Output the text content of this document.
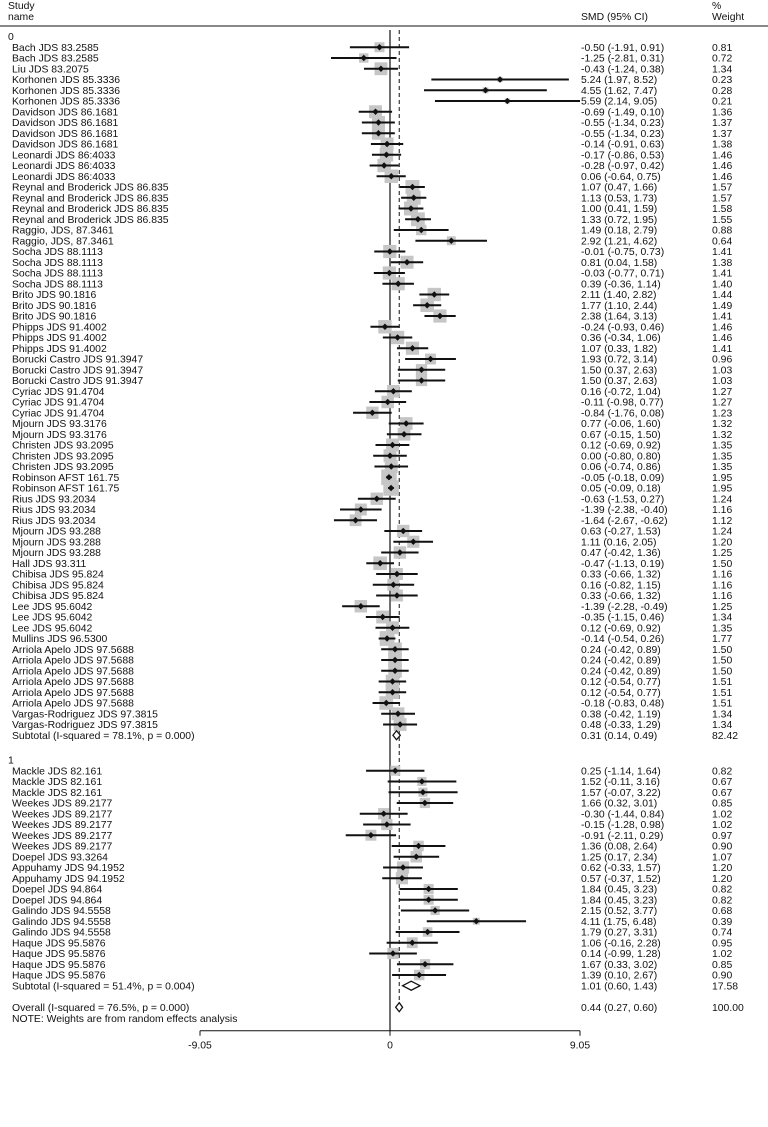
Study
name	SMD (95% CI)
%
Weight
0
Bach JDS 83.2585	-0.50 (-1.91, 0.91)	0.81
Bach JDS 83.2585	-1.25 (-2.81, 0.31)	0.72
Liu JDS 83.2075	-0.43 (-1.24, 0.38)	1.34
Korhonen JDS 85.3336	5.24 (1.97, 8.52)	0.23
Korhonen JDS 85.3336	4.55 (1.62, 7.47)	0.28
Korhonen JDS 85.3336	5.59 (2.14, 9.05)	0.21
Davidson JDS 86.1681	-0.69 (-1.49, 0.10)	1.36
Davidson JDS 86.1681	-0.55 (-1.34, 0.23)	1.37
Davidson JDS 86.1681	-0.55 (-1.34, 0.23)	1.37
Davidson JDS 86.1681	-0.14 (-0.91, 0.63)	1.38
Leonardi JDS 86:4033	-0.17 (-0.86, 0.53)	1.46
Leonardi JDS 86:4033	-0.28 (-0.97, 0.42)	1.46
Leonardi JDS 86:4033	0.06 (-0.64, 0.75)	1.46
Reynal and Broderick JDS 86.835	1.07 (0.47, 1.66)	1.57
Reynal and Broderick JDS 86.835	1.13 (0.53, 1.73)	1.57
Reynal and Broderick JDS 86.835	1.00 (0.41, 1.59)	1.58
Reynal and Broderick JDS 86.835	1.33 (0.72, 1.95)	1.55
Raggio, JDS, 87.3461	1.49 (0.18, 2.79)	0.88
Raggio, JDS, 87.3461	2.92 (1.21, 4.62)	0.64
Socha JDS 88.1113	-0.01 (-0.75, 0.73)	1.41
Socha JDS 88.1113	0.81 (0.04, 1.58)	1.38
Socha JDS 88.1113	-0.03 (-0.77, 0.71)	1.41
Socha JDS 88.1113	0.39 (-0.36, 1.14)	1.40
Brito JDS 90.1816	2.11 (1.40, 2.82)	1.44
Brito JDS 90.1816	1.77 (1.10, 2.44)	1.49
Brito JDS 90.1816	2.38 (1.64, 3.13)	1.41
Phipps JDS 91.4002	-0.24 (-0.93, 0.46)	1.46
Phipps JDS 91.4002	0.36 (-0.34, 1.06)	1.46
Phipps JDS 91.4002	1.07 (0.33, 1.82)	1.41
Borucki Castro JDS 91.3947	1.93 (0.72, 3.14)	0.96
Borucki Castro JDS 91.3947	1.50 (0.37, 2.63)	1.03
Borucki Castro JDS 91.3947	1.50 (0.37, 2.63)	1.03
Cyriac JDS 91.4704	0.16 (-0.72, 1.04)	1.27
Cyriac JDS 91.4704	-0.11 (-0.98, 0.77)	1.27
Cyriac JDS 91.4704	-0.84 (-1.76, 0.08)	1.23
Mjourn JDS 93.3176	0.77 (-0.06, 1.60)	1.32
Mjourn JDS 93.3176	0.67 (-0.15, 1.50)	1.32
Christen JDS 93.2095	0.12 (-0.69, 0.92)	1.35
Christen JDS 93.2095	0.00 (-0.80, 0.80)	1.35
Christen JDS 93.2095	0.06 (-0.74, 0.86)	1.35
Robinson AFST 161.75	-0.05 (-0.18, 0.09)	1.95
Robinson AFST 161.75	0.05 (-0.09, 0.18)	1.95
Rius JDS 93.2034	-0.63 (-1.53, 0.27)	1.24
Rius JDS 93.2034	-1.39 (-2.38, -0.40)	1.16
Rius JDS 93.2034	-1.64 (-2.67, -0.62)	1.12
Mjourn JDS 93.288	0.63 (-0.27, 1.53)	1.24
Mjourn JDS 93.288	1.11 (0.16, 2.05)	1.20
Mjourn JDS 93.288	0.47 (-0.42, 1.36)	1.25
Hall JDS 93.311	-0.47 (-1.13, 0.19)	1.50
Chibisa JDS 95.824	0.33 (-0.66, 1.32)	1.16
Chibisa JDS 95.824	0.16 (-0.82, 1.15)	1.16
Chibisa JDS 95.824	0.33 (-0.66, 1.32)	1.16
Lee JDS 95.6042	-1.39 (-2.28, -0.49)	1.25
Lee JDS 95.6042	-0.35 (-1.15, 0.46)	1.34
Lee JDS 95.6042	0.12 (-0.69, 0.92)	1.35
Mullins JDS 96.5300	-0.14 (-0.54, 0.26)	1.77
Arriola Apelo JDS 97.5688	0.24 (-0.42, 0.89)	1.50
Arriola Apelo JDS 97.5688	0.24 (-0.42, 0.89)	1.50
Arriola Apelo JDS 97.5688	0.24 (-0.42, 0.89)	1.50
Arriola Apelo JDS 97.5688	0.12 (-0.54, 0.77)	1.51
Arriola Apelo JDS 97.5688	0.12 (-0.54, 0.77)	1.51
Arriola Apelo JDS 97.5688	-0.18 (-0.83, 0.48)	1.51
Vargas-Rodriguez JDS 97.3815	0.38 (-0.42, 1.19)	1.34
Vargas-Rodriguez JDS 97.3815	0.48 (-0.33, 1.29)	1.34
Subtotal (I-squared = 78.1%, p = 0.000)	0.31 (0.14, 0.49)	82.42
1
Mackle JDS 82.161	0.25 (-1.14, 1.64)	0.82
Mackle JDS 82.161	1.52 (-0.11, 3.16)	0.67
Mackle JDS 82.161	1.57 (-0.07, 3.22)	0.67
Weekes JDS 89.2177	1.66 (0.32, 3.01)	0.85
Weekes JDS 89.2177	-0.30 (-1.44, 0.84)	1.02
Weekes JDS 89.2177	-0.15 (-1.28, 0.98)	1.02
Weekes JDS 89.2177	-0.91 (-2.11, 0.29)	0.97
Weekes JDS 89.2177	1.36 (0.08, 2.64)	0.90
Doepel JDS 93.3264	1.25 (0.17, 2.34)	1.07
Appuhamy JDS 94.1952	0.62 (-0.33, 1.57)	1.20
Appuhamy JDS 94.1952	0.57 (-0.37, 1.52)	1.20
Doepel JDS 94.864	1.84 (0.45, 3.23)	0.82
Doepel JDS 94.864	1.84 (0.45, 3.23)	0.82
Galindo JDS 94.5558	2.15 (0.52, 3.77)	0.68
Galindo JDS 94.5558	4.11 (1.75, 6.48)	0.39
Galindo JDS 94.5558	1.79 (0.27, 3.31)	0.74
Haque JDS 95.5876	1.06 (-0.16, 2.28)	0.95
Haque JDS 95.5876	0.14 (-0.99, 1.28)	1.02
Haque JDS 95.5876	1.67 (0.33, 3.02)	0.85
Haque JDS 95.5876	1.39 (0.10, 2.67)	0.90
Subtotal (I-squared = 51.4%, p = 0.004)	1.01 (0.60, 1.43)	17.58
Overall (I-squared = 76.5%, p = 0.000)	0.44 (0.27, 0.60)	100.00
NOTE: Weights are from random effects analysis
-9.05	0	9.05
